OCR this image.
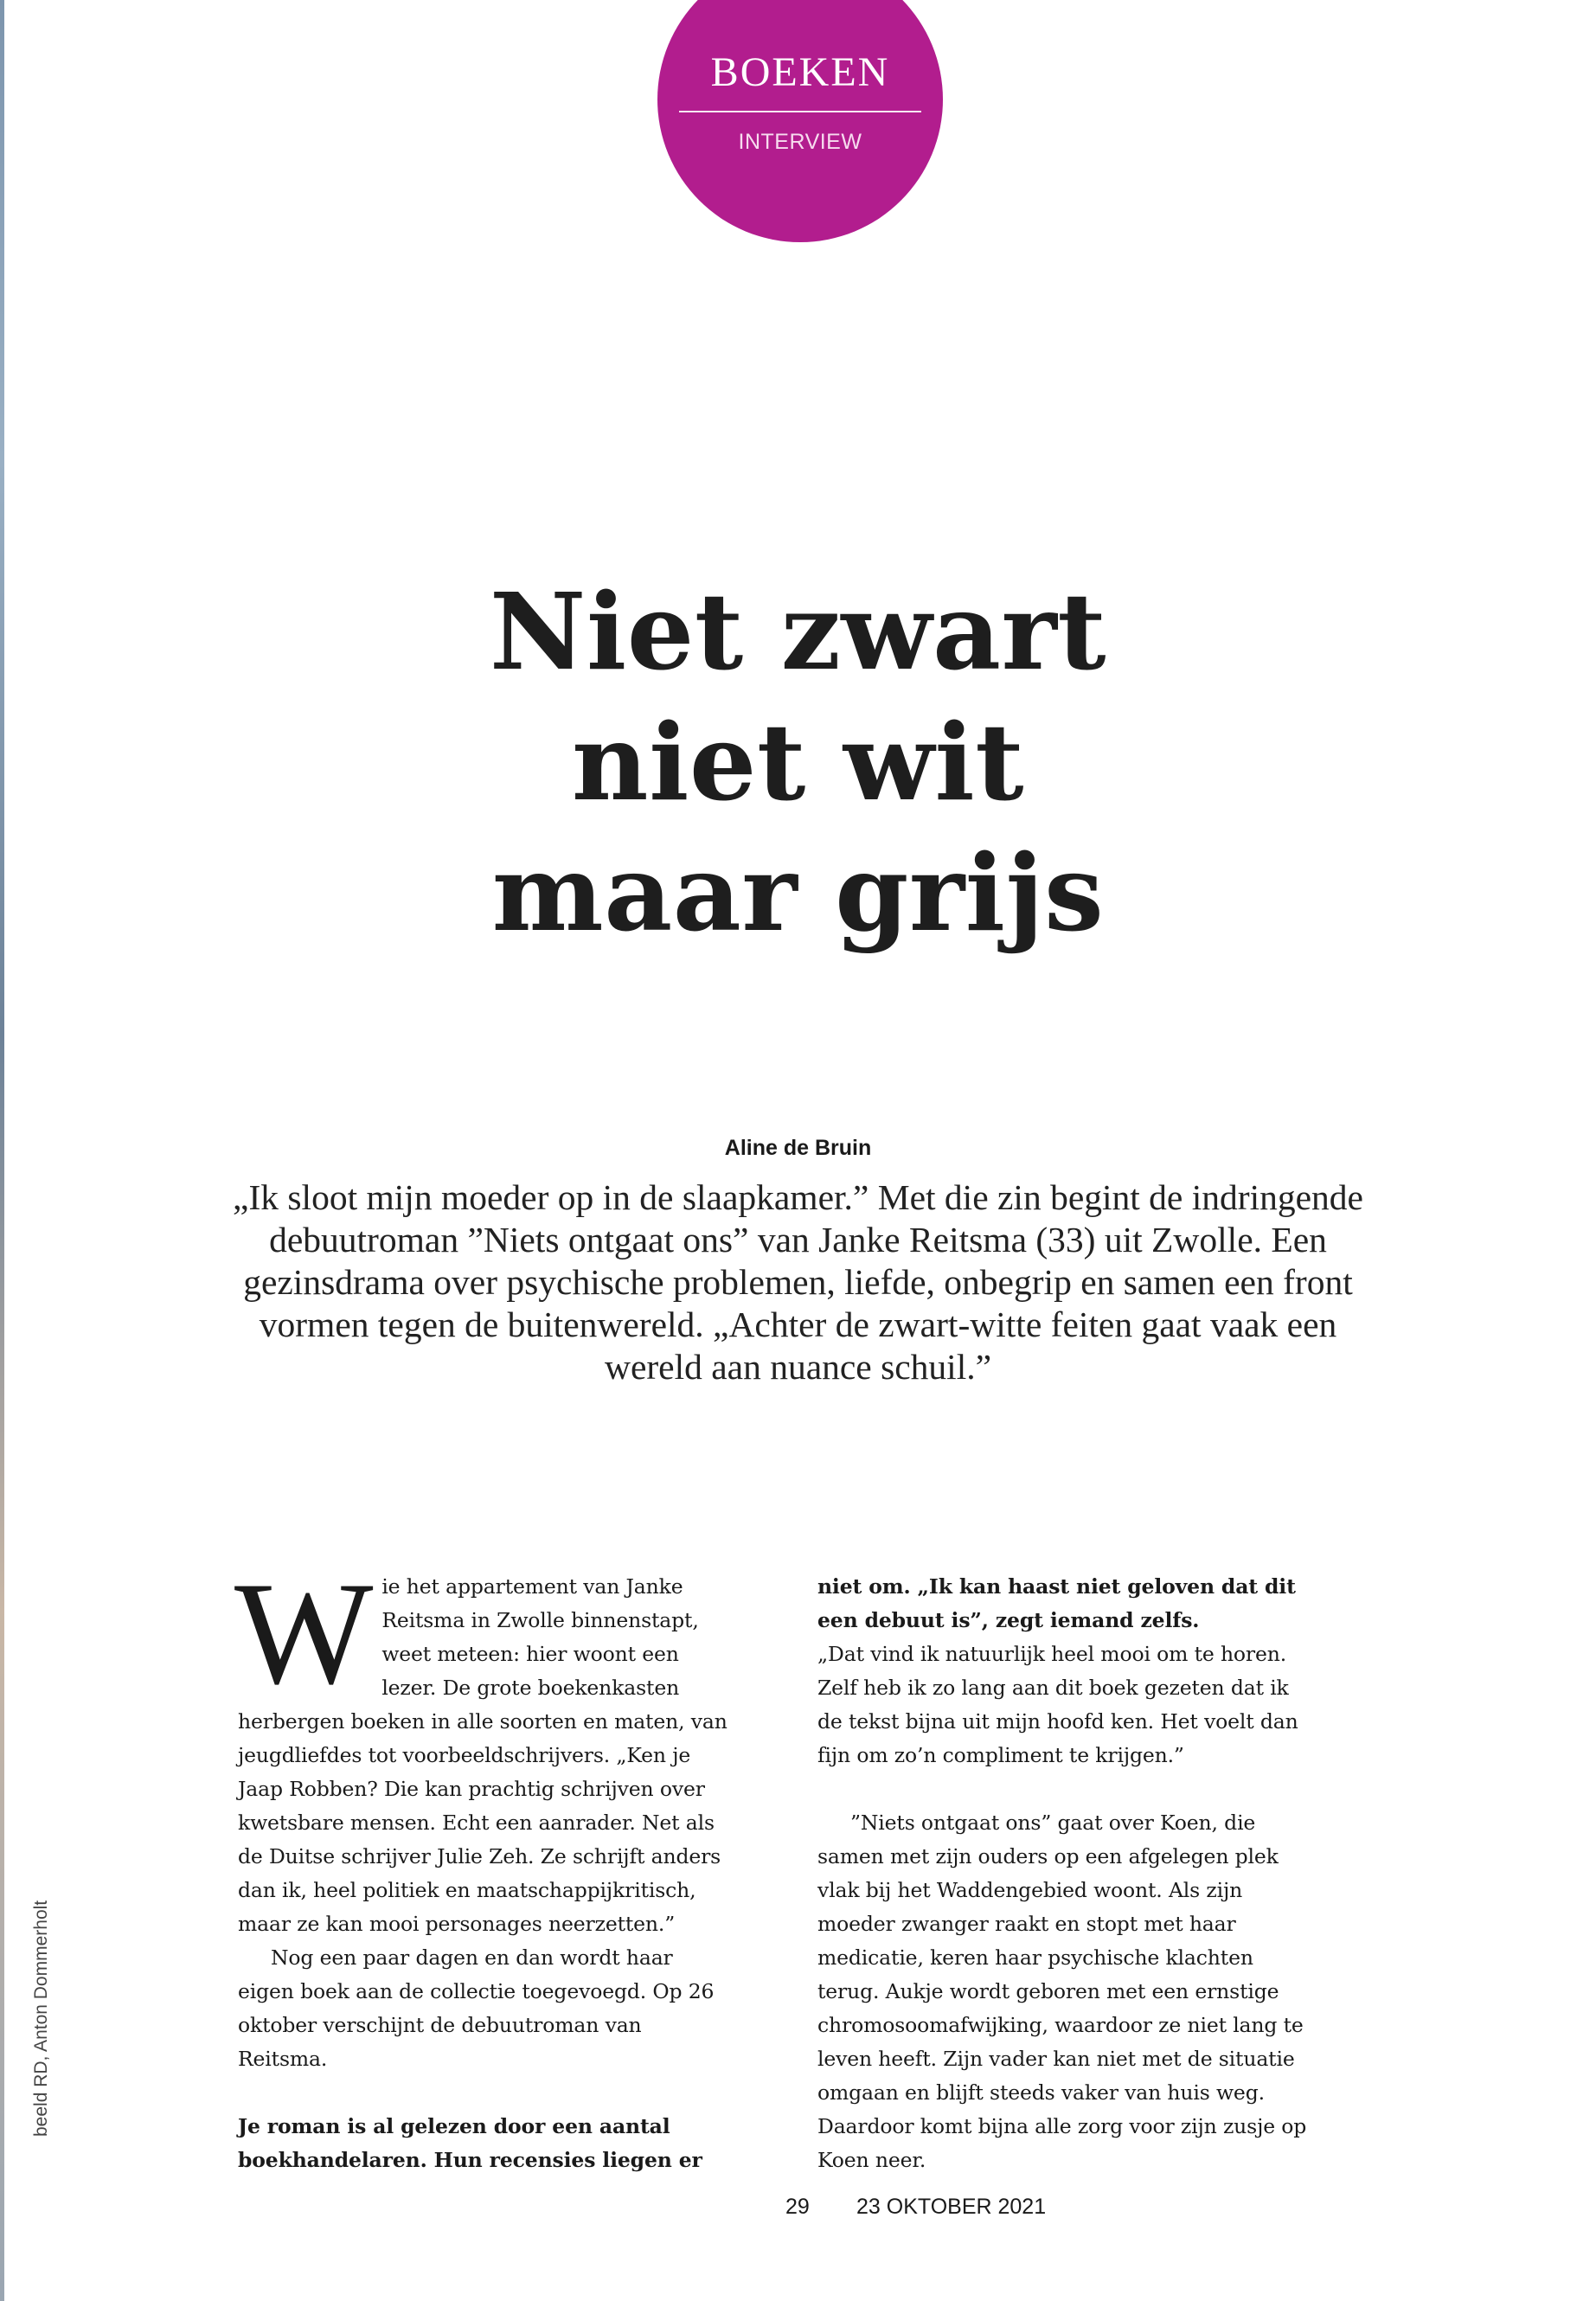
BOEKEN
INTERVIEW
Niet zwart
niet wit
maar grijs
Aline de Bruin

„Ik sloot mijn moeder op in de slaapkamer.” Met die zin begint de indringende debuutroman ”Niets ontgaat ons” van Janke Reitsma (33) uit Zwolle. Een gezinsdrama over psychische problemen, liefde, onbegrip en samen een front vormen tegen de buitenwereld. „Achter de zwart-witte feiten gaat vaak een wereld aan nuance schuil.”

Wie het appartement van Janke Reitsma in Zwolle binnenstapt, weet meteen: hier woont een lezer. De grote boekenkasten herbergen boeken in alle soorten en maten, van jeugdliefdes tot voorbeeldschrijvers. „Ken je Jaap Robben? Die kan prachtig schrijven over kwetsbare mensen. Echt een aanrader. Net als de Duitse schrijver Julie Zeh. Ze schrijft anders dan ik, heel politiek en maatschappijkritisch, maar ze kan mooi personages neerzetten.”

Nog een paar dagen en dan wordt haar eigen boek aan de collectie toegevoegd. Op 26 oktober verschijnt de debuutroman van Reitsma.

Je roman is al gelezen door een aantal boekhandelaren. Hun recensies liegen er

niet om. „Ik kan haast niet geloven dat dit een debuut is”, zegt iemand zelfs.

„Dat vind ik natuurlijk heel mooi om te horen. Zelf heb ik zo lang aan dit boek gezeten dat ik de tekst bijna uit mijn hoofd ken. Het voelt dan fijn om zo’n compliment te krijgen.”

”Niets ontgaat ons” gaat over Koen, die samen met zijn ouders op een afgelegen plek vlak bij het Waddengebied woont. Als zijn moeder zwanger raakt en stopt met haar medicatie, keren haar psychische klachten terug. Aukje wordt geboren met een ernstige chromosoomafwijking, waardoor ze niet lang te leven heeft. Zijn vader kan niet met de situatie omgaan en blijft steeds vaker van huis weg. Daardoor komt bijna alle zorg voor zijn zusje op Koen neer.

beeld RD, Anton Dommerholt
29 23 OKTOBER 2021
